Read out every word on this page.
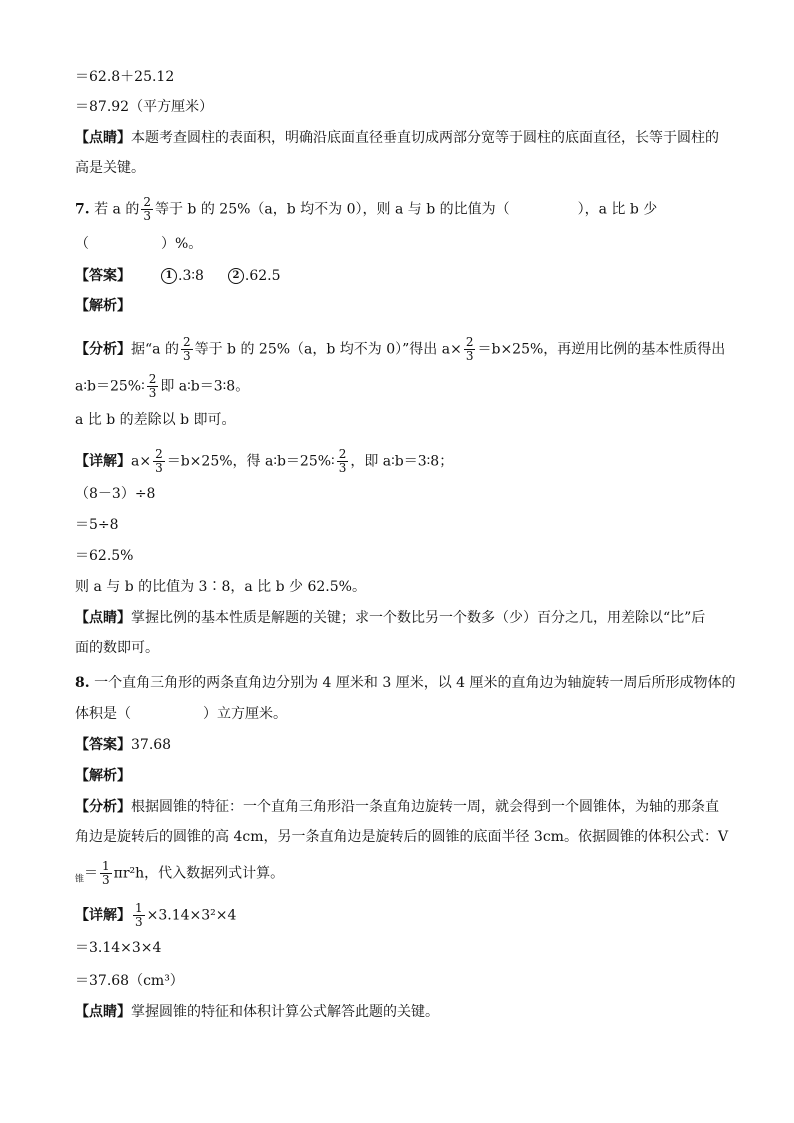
＝62.8＋25.12
＝87.92（平方厘米）
【点睛】本题考查圆柱的表面积，明确沿底面直径垂直切成两部分宽等于圆柱的底面直径，长等于圆柱的
高是关键。
7. 若 a 的 $\frac{2}{3}$ 等于 b 的 25%（a，b 均不为 0），则 a 与 b 的比值为（	），a 比 b 少
（	）%。
【答案】	1 .3∶8	2 .62.5
【解析】
【分析】据“a 的 $\frac{2}{3}$ 等于 b 的 25%（a，b 均不为 0）”得出 $a\times \frac{2}{3} =b\times 25\%$，再逆用比例的基本性质得出
a∶b＝25%∶ $\frac{2}{3}$ 即 a∶b＝3∶8。
a 比 b 的差除以 b 即可。
【详解】$a\times \frac{2}{3} =b\times 25\%$，得 a∶b＝25%∶ $\frac{2}{3}$ ，即 a∶b＝3∶8；
（8－3）÷8
＝5÷8
＝62.5%
则 a 与 b 的比值为 3∶8，a 比 b 少 62.5%。
【点睛】掌握比例的基本性质是解题的关键；求一个数比另一个数多（少）百分之几，用差除以“比”后
面的数即可。
8. 一个直角三角形的两条直角边分别为 4 厘米和 3 厘米，以 4 厘米的直角边为轴旋转一周后所形成物体的
体积是（	）立方厘米。
【答案】37.68
【解析】
【分析】根据圆锥的特征：一个直角三角形沿一条直角边旋转一周，就会得到一个圆锥体，为轴的那条直
角边是旋转后的圆锥的高 4cm，另一条直角边是旋转后的圆锥的底面半径 3cm。依据圆锥的体积公式：V
$_锥= \frac{1}{3} \pi r^2h$，代入数据列式计算。
【详解】 $\frac{1}{3} \times 3.14\times 3^2\times 4$
＝3.14×3×4
＝37.68（cm³）
【点睛】掌握圆锥的特征和体积计算公式解答此题的关键。
